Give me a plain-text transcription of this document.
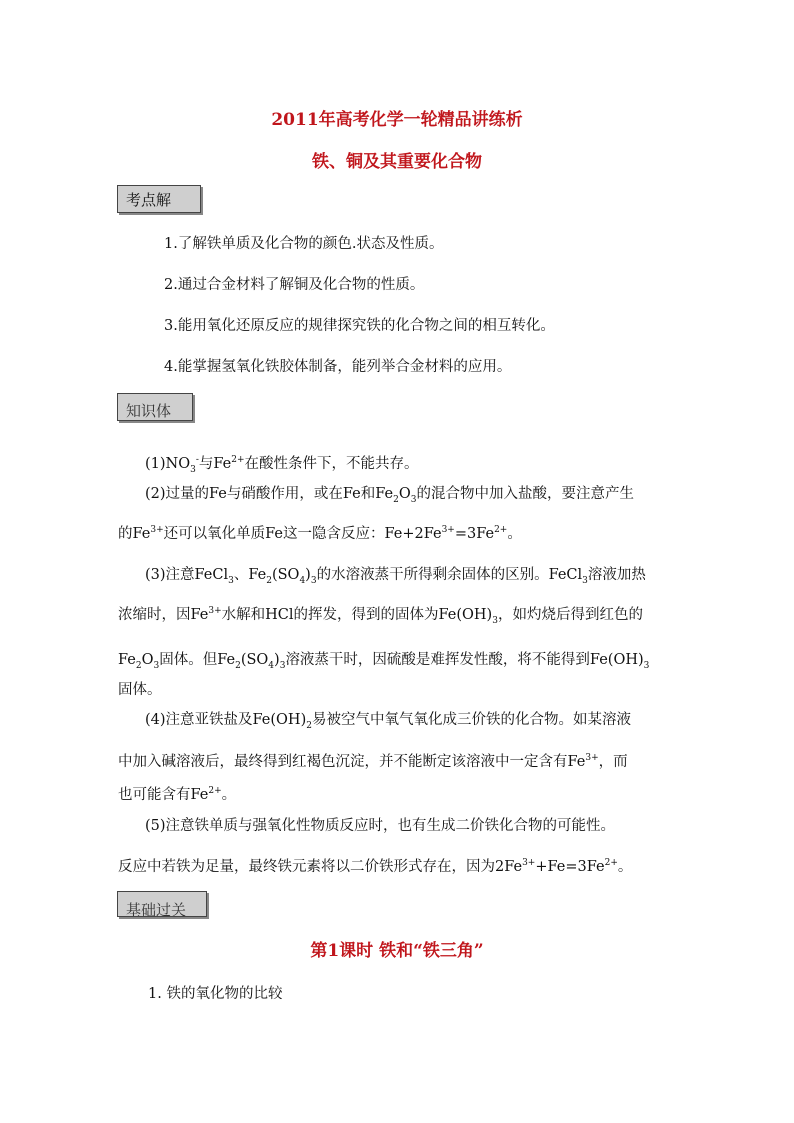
2011年高考化学一轮精品讲练析
铁、铜及其重要化合物
考点解
1.了解铁单质及化合物的颜色.状态及性质。
2.通过合金材料了解铜及化合物的性质。
3.能用氧化还原反应的规律探究铁的化合物之间的相互转化。
4.能掌握氢氧化铁胶体制备，能列举合金材料的应用。
知识体
$(1)NO_3^-$与$Fe^{2+}$在酸性条件下，不能共存。
(2)过量的Fe与硝酸作用，或在Fe和$Fe_2O_3$的混合物中加入盐酸，要注意产生
的$Fe^{3+}$还可以氧化单质Fe这一隐含反应：$Fe+2Fe^{3+}=3Fe^{2+}$。
(3)注意FeCl$_3$、$Fe_2(SO_4)_3$的水溶液蒸干所得剩余固体的区别。FeCl$_3$溶液加热
浓缩时，因$Fe^{3+}$水解和HCl的挥发，得到的固体为$Fe(OH)_3$，如灼烧后得到红色的
$Fe_2O_3$固体。但$Fe_2(SO_4)_3$溶液蒸干时，因硫酸是难挥发性酸，将不能得到$Fe(OH)_3$
固体。
(4)注意亚铁盐及$Fe(OH)_2$易被空气中氧气氧化成三价铁的化合物。如某溶液
中加入碱溶液后，最终得到红褐色沉淀，并不能断定该溶液中一定含有$Fe^{3+}$，而
也可能含有$Fe^{2+}$。
(5)注意铁单质与强氧化性物质反应时，也有生成二价铁化合物的可能性。
反应中若铁为足量，最终铁元素将以二价铁形式存在，因为$2Fe^{3+}+Fe=3Fe^{2+}$。
基础过关
第1课时 铁和“铁三角”
1. 铁的氧化物的比较
